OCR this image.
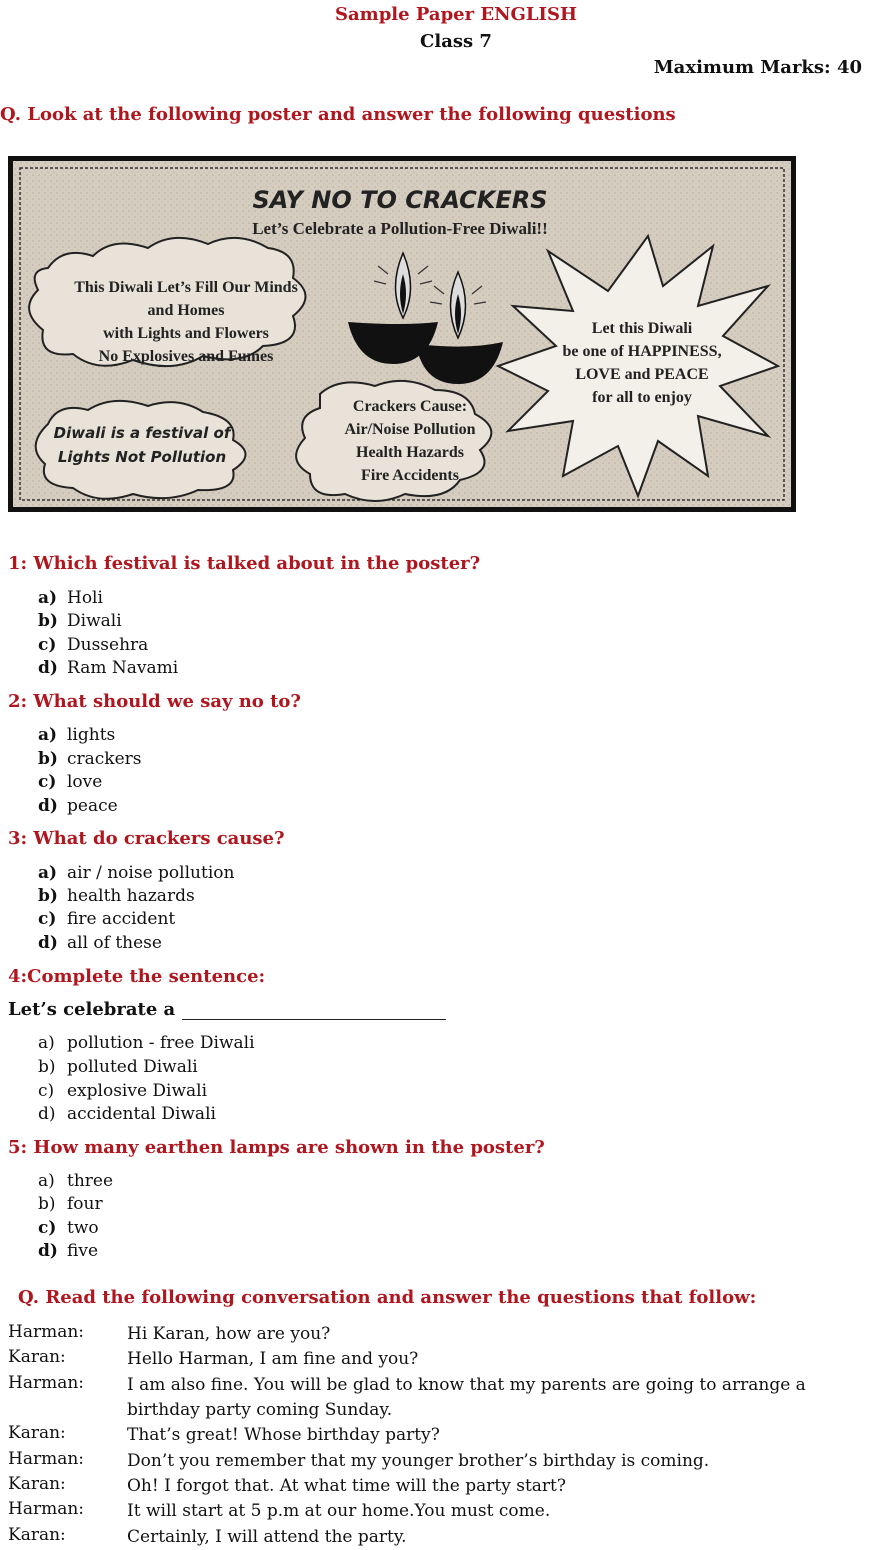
Sample Paper ENGLISH
Class 7
Maximum Marks: 40
Q. Look at the following poster and answer the following questions
SAY NO TO CRACKERS
Let’s Celebrate a Pollution-Free Diwali!!
This Diwali Let’s Fill Our Minds
and Homes
with Lights and Flowers
No Explosives and Fumes
Diwali is a festival of
Lights Not Pollution
Crackers Cause:
Air/Noise Pollution
Health Hazards
Fire Accidents
Let this Diwali
be one of HAPPINESS,
LOVE and PEACE
for all to enjoy
1: Which festival is talked about in the poster?
a) Holi
b) Diwali
c) Dussehra
d) Ram Navami
2: What should we say no to?
a) lights
b) crackers
c) love
d) peace
3: What do crackers cause?
a) air / noise pollution
b) health hazards
c) fire accident
d) all of these
4:Complete the sentence:
Let’s celebrate a
a) pollution - free Diwali
b) polluted Diwali
c) explosive Diwali
d) accidental Diwali
5: How many earthen lamps are shown in the poster?
a) three
b) four
c) two
d) five
Q. Read the following conversation and answer the questions that follow:
Harman:	Hi Karan, how are you?
Karan:	Hello Harman, I am fine and you?
Harman:	I am also fine. You will be glad to know that my parents are going to arrange a birthday party coming Sunday.
Karan:	That’s great! Whose birthday party?
Harman:	Don’t you remember that my younger brother’s birthday is coming.
Karan:	Oh! I forgot that. At what time will the party start?
Harman:	It will start at 5 p.m at our home.You must come.
Karan:	Certainly, I will attend the party.
